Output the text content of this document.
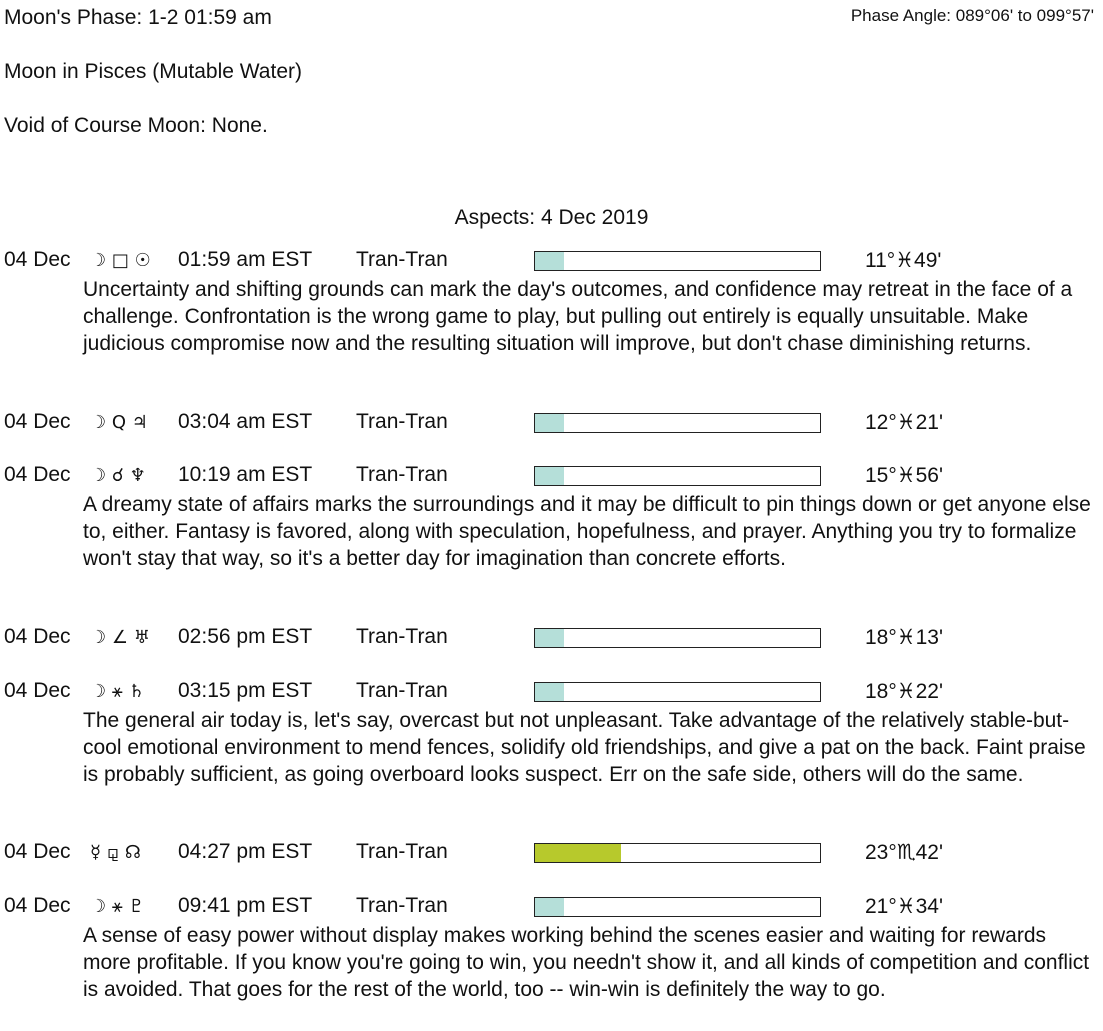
Moon's Phase: 1-2 01:59 am	Phase Angle: 089°06' to 099°57'
Moon in Pisces (Mutable Water)
Void of Course Moon: None.
Aspects: 4 Dec 2019
04 Dec ☽ □ ☉ 01:59 am EST Tran-Tran	11°♓49'

Uncertainty and shifting grounds can mark the day's outcomes, and confidence may retreat in the face of a challenge. Confrontation is the wrong game to play, but pulling out entirely is equally unsuitable. Make judicious compromise now and the resulting situation will improve, but don't chase diminishing returns.

04 Dec ☽ Q ♃ 03:04 am EST Tran-Tran	12°♓21'
04 Dec ☽ ☌ ♆ 10:19 am EST Tran-Tran	15°♓56'

A dreamy state of affairs marks the surroundings and it may be difficult to pin things down or get anyone else to, either. Fantasy is favored, along with speculation, hopefulness, and prayer. Anything you try to formalize won't stay that way, so it's a better day for imagination than concrete efforts.

04 Dec ☽ ∠ ♅ 02:56 pm EST Tran-Tran	18°♓13'
04 Dec ☽ ⚹ ♄ 03:15 pm EST Tran-Tran	18°♓22'

The general air today is, let's say, overcast but not unpleasant. Take advantage of the relatively stable-but-cool emotional environment to mend fences, solidify old friendships, and give a pat on the back. Faint praise is probably sufficient, as going overboard looks suspect. Err on the safe side, others will do the same.

04 Dec ☿ ⚼ ☊ 04:27 pm EST Tran-Tran	23°♏42'
04 Dec ☽ ⚹ ♇ 09:41 pm EST Tran-Tran	21°♓34'

A sense of easy power without display makes working behind the scenes easier and waiting for rewards more profitable. If you know you're going to win, you needn't show it, and all kinds of competition and conflict is avoided. That goes for the rest of the world, too -- win-win is definitely the way to go.
